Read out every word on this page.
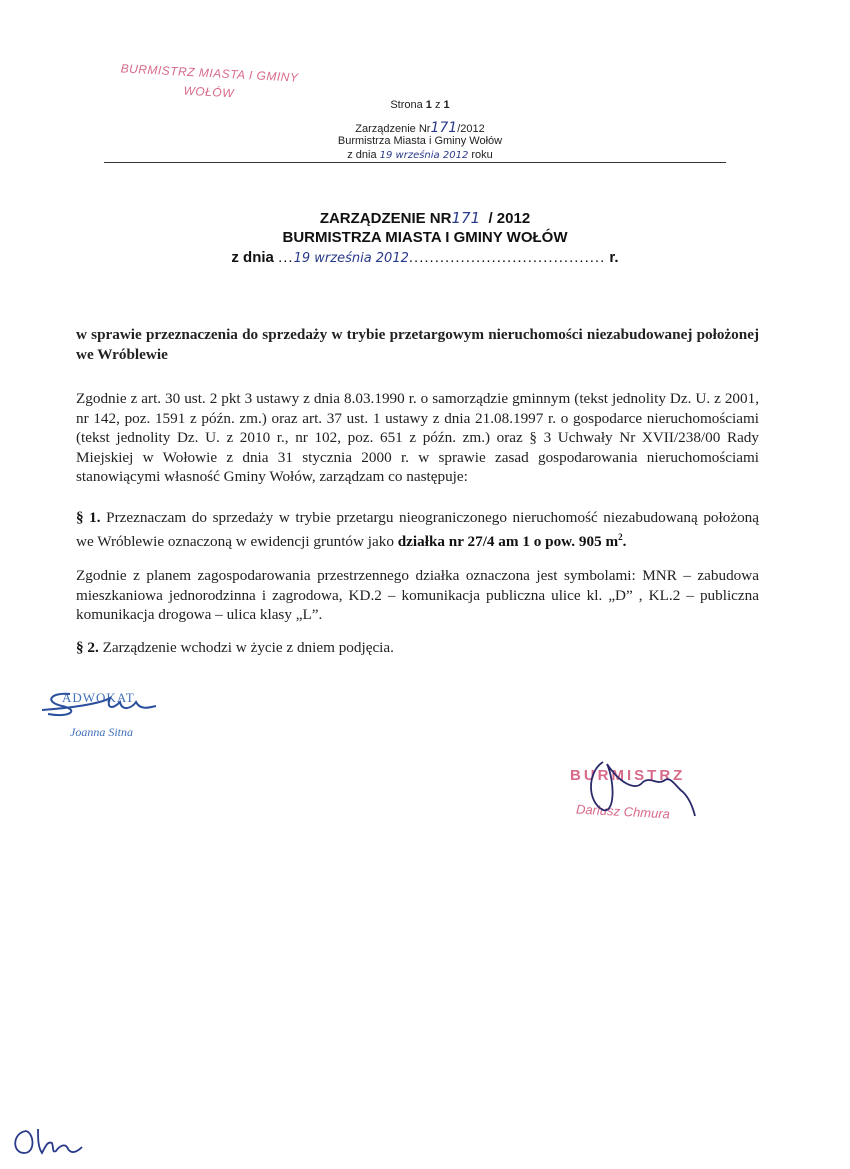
BURMISTRZ MIASTA I GMINY
WOŁÓW
Strona 1 z 1
Zarządzenie Nr171/2012
Burmistrza Miasta i Gminy Wołów
z dnia 19 września 2012 roku
ZARZĄDZENIE NR171 / 2012
BURMISTRZA MIASTA I GMINY WOŁÓW
z dnia ...19 września 2012...................................... r.
w sprawie przeznaczenia do sprzedaży w trybie przetargowym nieruchomości niezabudowanej położonej we Wróblewie
Zgodnie z art. 30 ust. 2 pkt 3 ustawy z dnia 8.03.1990 r. o samorządzie gminnym (tekst jednolity Dz. U. z 2001, nr 142, poz. 1591 z późn. zm.) oraz art. 37 ust. 1 ustawy z dnia 21.08.1997 r. o gospodarce nieruchomościami (tekst jednolity Dz. U. z 2010 r., nr 102, poz. 651 z późn. zm.) oraz § 3 Uchwały Nr XVII/238/00 Rady Miejskiej w Wołowie z dnia 31 stycznia 2000 r. w sprawie zasad gospodarowania nieruchomościami stanowiącymi własność Gminy Wołów, zarządzam co następuje:
§ 1. Przeznaczam do sprzedaży w trybie przetargu nieograniczonego nieruchomość niezabudowaną położoną we Wróblewie oznaczoną w ewidencji gruntów jako działka nr 27/4 am 1 o pow. 905 $m^2$.
Zgodnie z planem zagospodarowania przestrzennego działka oznaczona jest symbolami: MNR – zabudowa mieszkaniowa jednorodzinna i zagrodowa, KD.2 – komunikacja publiczna ulice kl. „D” , KL.2 – publiczna komunikacja drogowa – ulica klasy „L”.
§ 2. Zarządzenie wchodzi w życie z dniem podjęcia.
ADWOKAT
Joanna Sitna
BURMISTRZ
Dariusz Chmura
